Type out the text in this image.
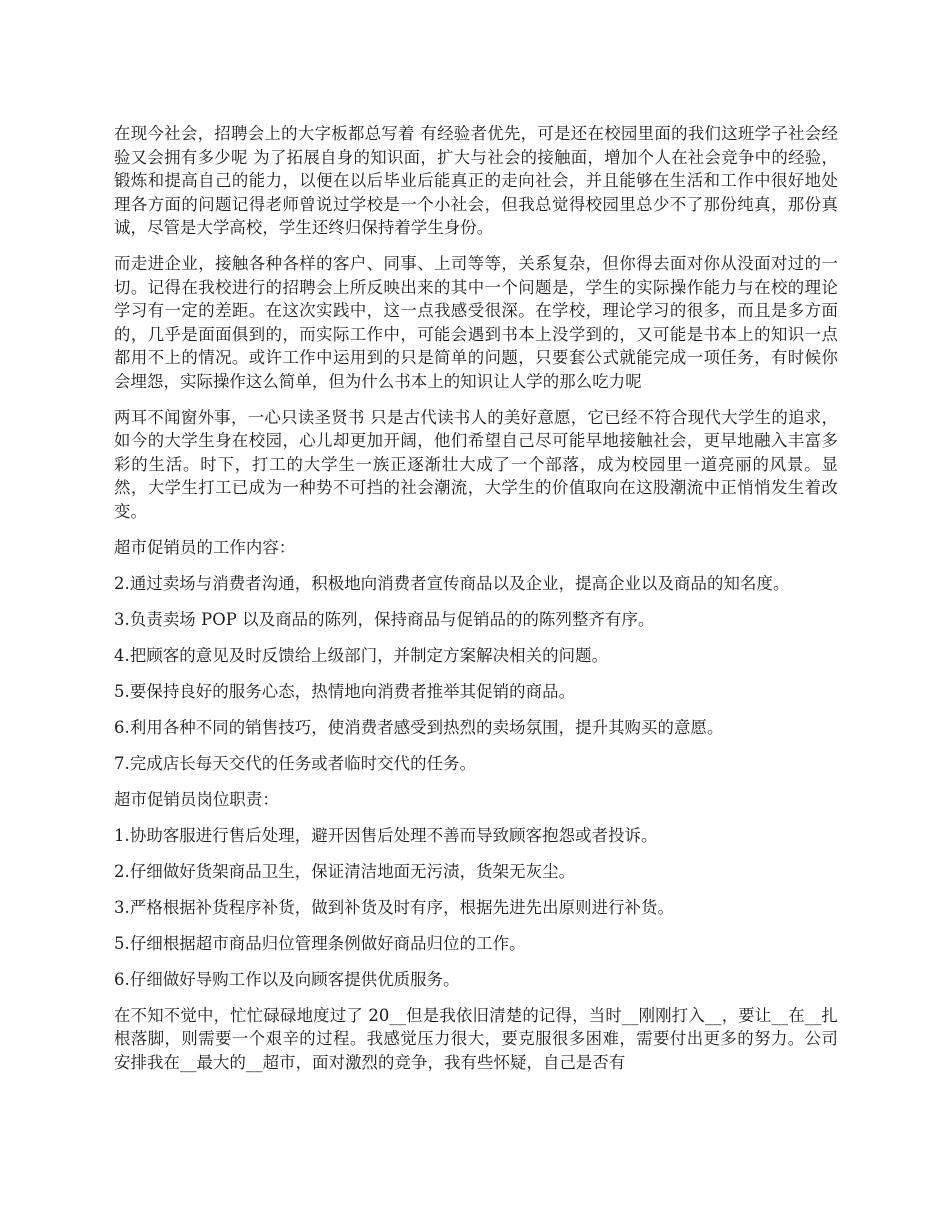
在现今社会，招聘会上的大字板都总写着 有经验者优先，可是还在校园里面的我们这班学子社会经验又会拥有多少呢 为了拓展自身的知识面，扩大与社会的接触面，增加个人在社会竞争中的经验，锻炼和提高自己的能力，以便在以后毕业后能真正的走向社会，并且能够在生活和工作中很好地处理各方面的问题记得老师曾说过学校是一个小社会，但我总觉得校园里总少不了那份纯真，那份真诚，尽管是大学高校，学生还终归保持着学生身份。

而走进企业，接触各种各样的客户、同事、上司等等，关系复杂，但你得去面对你从没面对过的一切。记得在我校进行的招聘会上所反映出来的其中一个问题是，学生的实际操作能力与在校的理论学习有一定的差距。在这次实践中，这一点我感受很深。在学校，理论学习的很多，而且是多方面的，几乎是面面俱到的，而实际工作中，可能会遇到书本上没学到的，又可能是书本上的知识一点都用不上的情况。或许工作中运用到的只是简单的问题，只要套公式就能完成一项任务，有时候你会埋怨，实际操作这么简单，但为什么书本上的知识让人学的那么吃力呢

两耳不闻窗外事，一心只读圣贤书 只是古代读书人的美好意愿，它已经不符合现代大学生的追求，如今的大学生身在校园，心儿却更加开阔，他们希望自己尽可能早地接触社会，更早地融入丰富多彩的生活。时下，打工的大学生一族正逐渐壮大成了一个部落，成为校园里一道亮丽的风景。显然，大学生打工已成为一种势不可挡的社会潮流，大学生的价值取向在这股潮流中正悄悄发生着改变。

超市促销员的工作内容：

2.通过卖场与消费者沟通，积极地向消费者宣传商品以及企业，提高企业以及商品的知名度。

3.负责卖场 POP 以及商品的陈列，保持商品与促销品的的陈列整齐有序。

4.把顾客的意见及时反馈给上级部门，并制定方案解决相关的问题。

5.要保持良好的服务心态，热情地向消费者推举其促销的商品。

6.利用各种不同的销售技巧，使消费者感受到热烈的卖场氛围，提升其购买的意愿。

7.完成店长每天交代的任务或者临时交代的任务。

超市促销员岗位职责：

1.协助客服进行售后处理，避开因售后处理不善而导致顾客抱怨或者投诉。

2.仔细做好货架商品卫生，保证清洁地面无污渍，货架无灰尘。

3.严格根据补货程序补货，做到补货及时有序，根据先进先出原则进行补货。

5.仔细根据超市商品归位管理条例做好商品归位的工作。

6.仔细做好导购工作以及向顾客提供优质服务。

在不知不觉中，忙忙碌碌地度过了 20__但是我依旧清楚的记得，当时__刚刚打入__，要让__在__扎根落脚，则需要一个艰辛的过程。我感觉压力很大，要克服很多困难，需要付出更多的努力。公司安排我在__最大的__超市，面对激烈的竞争，我有些怀疑，自己是否有
